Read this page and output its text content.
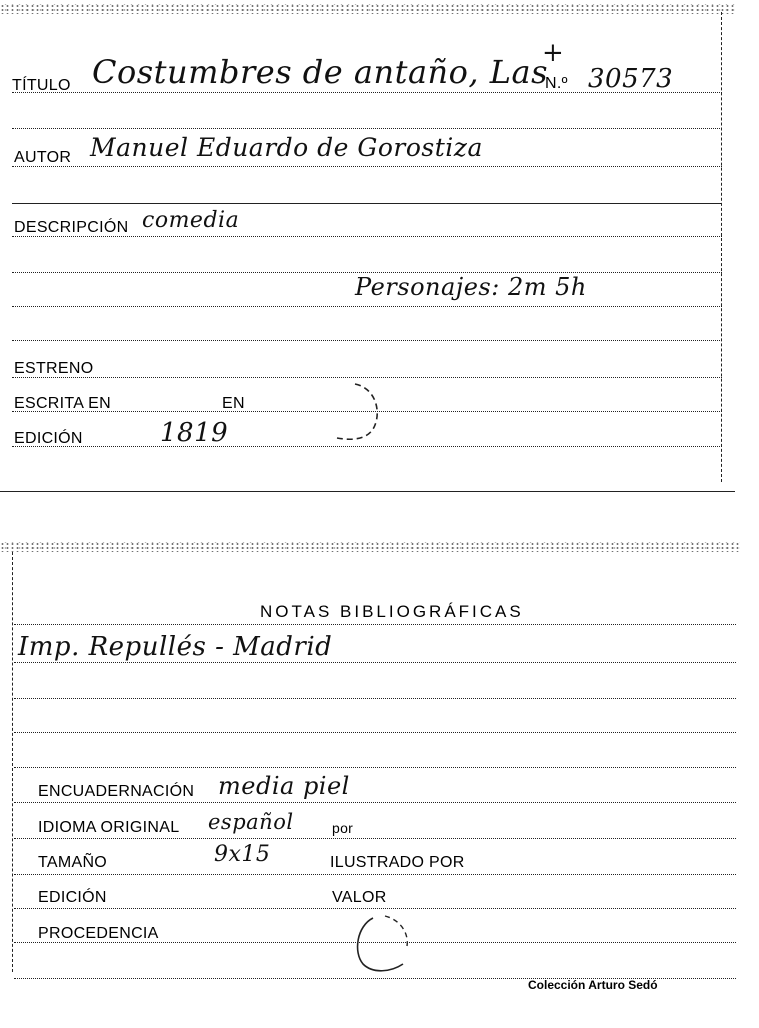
TÍTULO Costumbres de antaño, Las
N.º 30573
+
AUTOR Manuel Eduardo de Gorostiza
DESCRIPCIÓN comedia
Personajes: 2m 5h
ESTRENO
ESCRITA EN	EN
EDICIÓN	1819
NOTAS BIBLIOGRÁFICAS
Imp. Repullés - Madrid
ENCUADERNACIÓN media piel
IDIOMA ORIGINAL español	por
TAMAÑO	9x15	ILUSTRADO POR
EDICIÓN	VALOR
PROCEDENCIA
Colección Arturo Sedó
